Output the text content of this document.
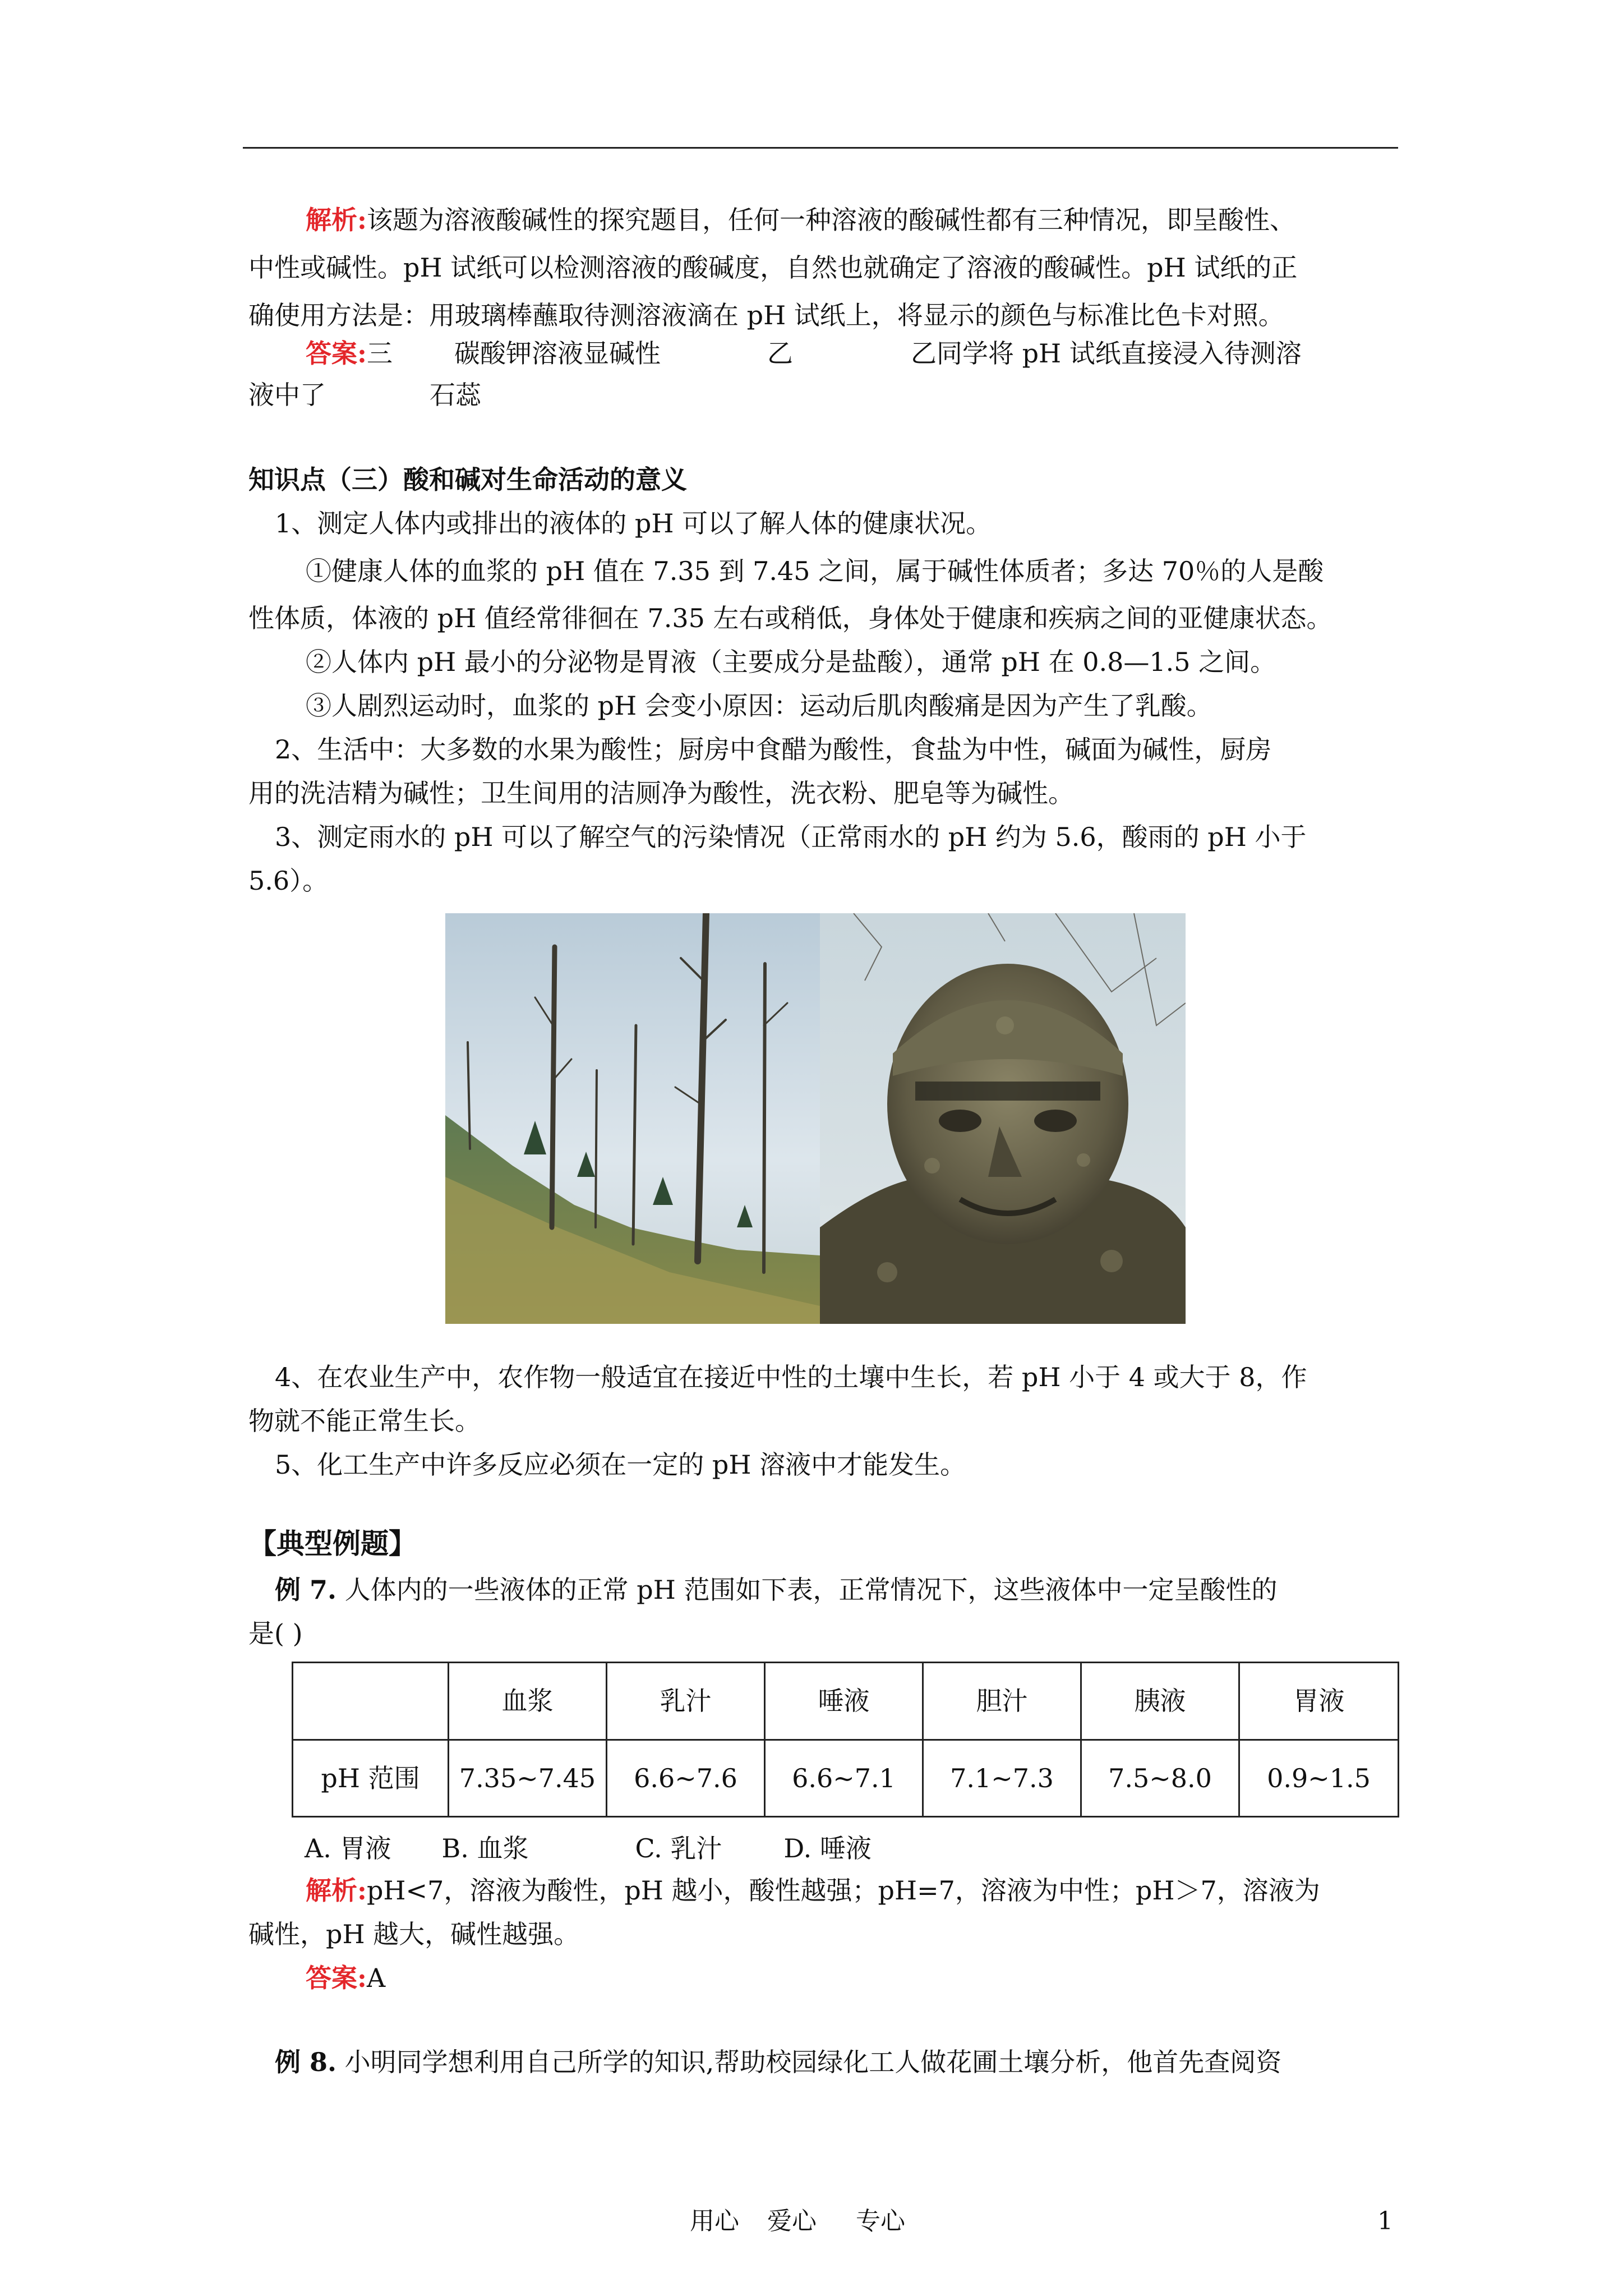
解析:该题为溶液酸碱性的探究题目，任何一种溶液的酸碱性都有三种情况，即呈酸性、
中性或碱性。pH 试纸可以检测溶液的酸碱度，自然也就确定了溶液的酸碱性。pH 试纸的正
确使用方法是：用玻璃棒蘸取待测溶液滴在 pH 试纸上，将显示的颜色与标准比色卡对照。
答案:三 碳酸钾溶液显碱性	乙	乙同学将 pH 试纸直接浸入待测溶
液中了	石蕊
知识点（三）酸和碱对生命活动的意义
1、测定人体内或排出的液体的 pH 可以了解人体的健康状况。
①健康人体的血浆的 pH 值在 7.35 到 7.45 之间，属于碱性体质者；多达 70％的人是酸
性体质，体液的 pH 值经常徘徊在 7.35 左右或稍低，身体处于健康和疾病之间的亚健康状态。
②人体内 pH 最小的分泌物是胃液（主要成分是盐酸），通常 pH 在 0.8—1.5 之间。
③人剧烈运动时，血浆的 pH 会变小原因：运动后肌肉酸痛是因为产生了乳酸。
2、生活中：大多数的水果为酸性；厨房中食醋为酸性，食盐为中性，碱面为碱性，厨房
用的洗洁精为碱性；卫生间用的洁厕净为酸性，洗衣粉、肥皂等为碱性。
3、测定雨水的 pH 可以了解空气的污染情况（正常雨水的 pH 约为 5.6，酸雨的 pH 小于
5.6）。
4、在农业生产中，农作物一般适宜在接近中性的土壤中生长，若 pH 小于 4 或大于 8，作
物就不能正常生长。
5、化工生产中许多反应必须在一定的 pH 溶液中才能发生。
【典型例题】
例 7. 人体内的一些液体的正常 pH 范围如下表，正常情况下，这些液体中一定呈酸性的
是( )
	血浆	乳汁	唾液	胆汁	胰液	胃液
pH 范围	7.35~7.45	6.6~7.6	6.6~7.1	7.1~7.3	7.5~8.0	0.9~1.5
A. 胃液 B. 血浆	C. 乳汁 D. 唾液
解析:pH<7，溶液为酸性，pH 越小，酸性越强；pH=7，溶液为中性；pH＞7，溶液为
碱性，pH 越大，碱性越强。
答案:A
例 8. 小明同学想利用自己所学的知识,帮助校园绿化工人做花圃土壤分析，他首先查阅资
用心 爱心 专心	1
